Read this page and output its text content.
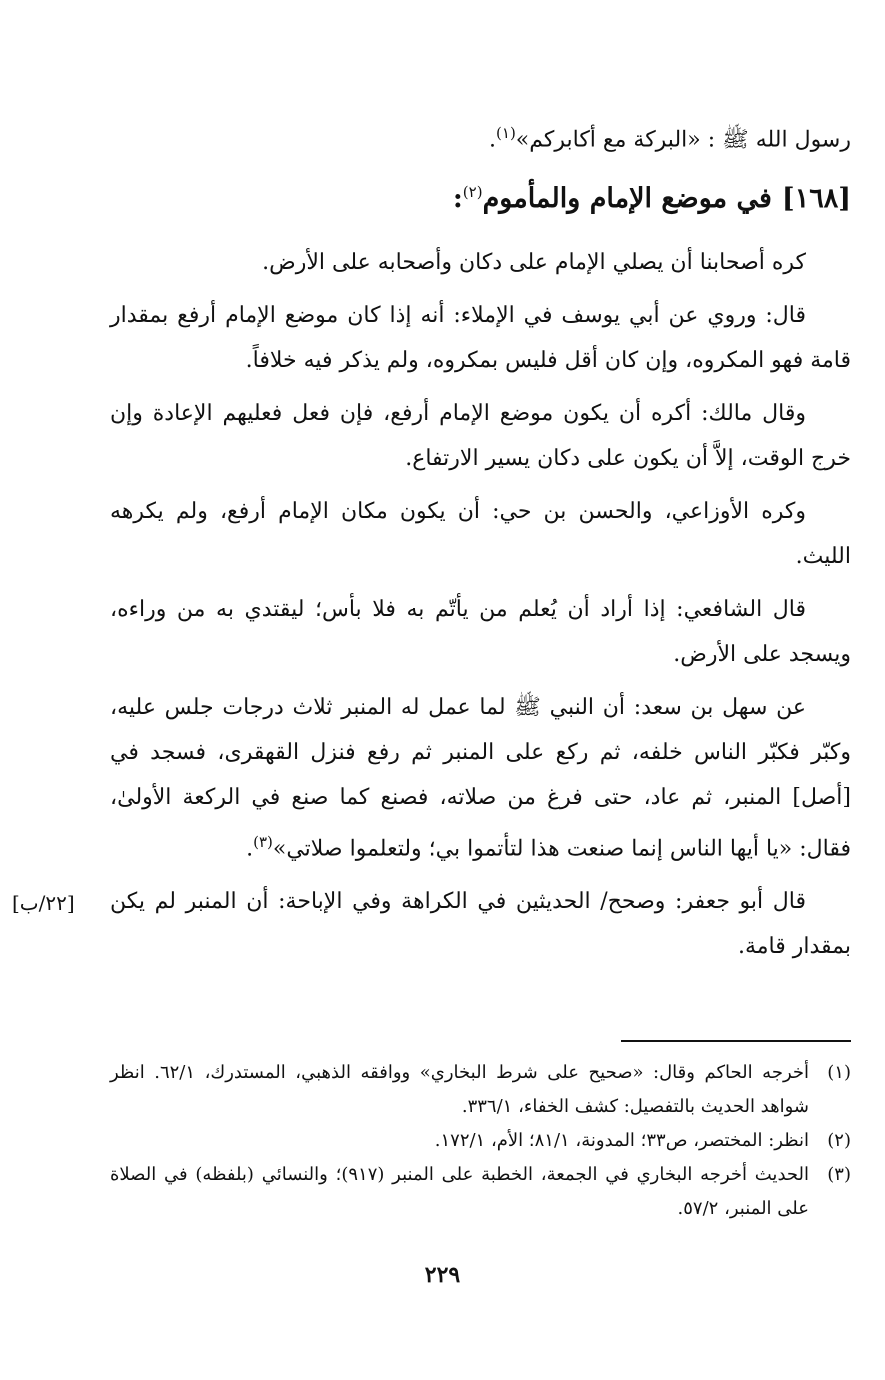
رسول الله ﷺ : «البركة مع أكابركم»$^{(١)}$.
[١٦٨]في موضع الإمام والمأموم$^{(٢)}$:

كره أصحابنا أن يصلي الإمام على دكان وأصحابه على الأرض.

قال: وروي عن أبي يوسف في الإملاء: أنه إذا كان موضع الإمام أرفع بمقدار قامة فهو المكروه، وإن كان أقل فليس بمكروه، ولم يذكر فيه خلافاً.

وقال مالك: أكره أن يكون موضع الإمام أرفع، فإن فعل فعليهم الإعادة وإن خرج الوقت، إلاَّ أن يكون على دكان يسير الارتفاع.

وكره الأوزاعي، والحسن بن حي: أن يكون مكان الإمام أرفع، ولم يكرهه الليث.

قال الشافعي: إذا أراد أن يُعلم من يأتّم به فلا بأس؛ ليقتدي به من وراءه، ويسجد على الأرض.

عن سهل بن سعد: أن النبي ﷺ لما عمل له المنبر ثلاث درجات جلس عليه، وكبّر فكبّر الناس خلفه، ثم ركع على المنبر ثم رفع فنزل القهقرى، فسجد في [أصل] المنبر، ثم عاد، حتى فرغ من صلاته، فصنع كما صنع في الركعة الأولىٰ، فقال: «يا أيها الناس إنما صنعت هذا لتأتموا بي؛ ولتعلموا صلاتي»$^{(٣)}$.

قال أبو جعفر: وصحح/ الحديثين في الكراهة وفي الإباحة: أن المنبر لم يكن بمقدار قامة.

[٢٢/ب]
(١)
أخرجه الحاكم وقال: «صحيح على شرط البخاري» ووافقه الذهبي، المستدرك، ٦٢/١. انظر شواهد الحديث بالتفصيل: كشف الخفاء، ٣٣٦/١.
(٢)
انظر: المختصر، ص٣٣؛ المدونة، ٨١/١؛ الأم، ١٧٢/١.
(٣)
الحديث أخرجه البخاري في الجمعة، الخطبة على المنبر (٩١٧)؛ والنسائي (بلفظه) في الصلاة على المنبر، ٥٧/٢.
٢٢٩
